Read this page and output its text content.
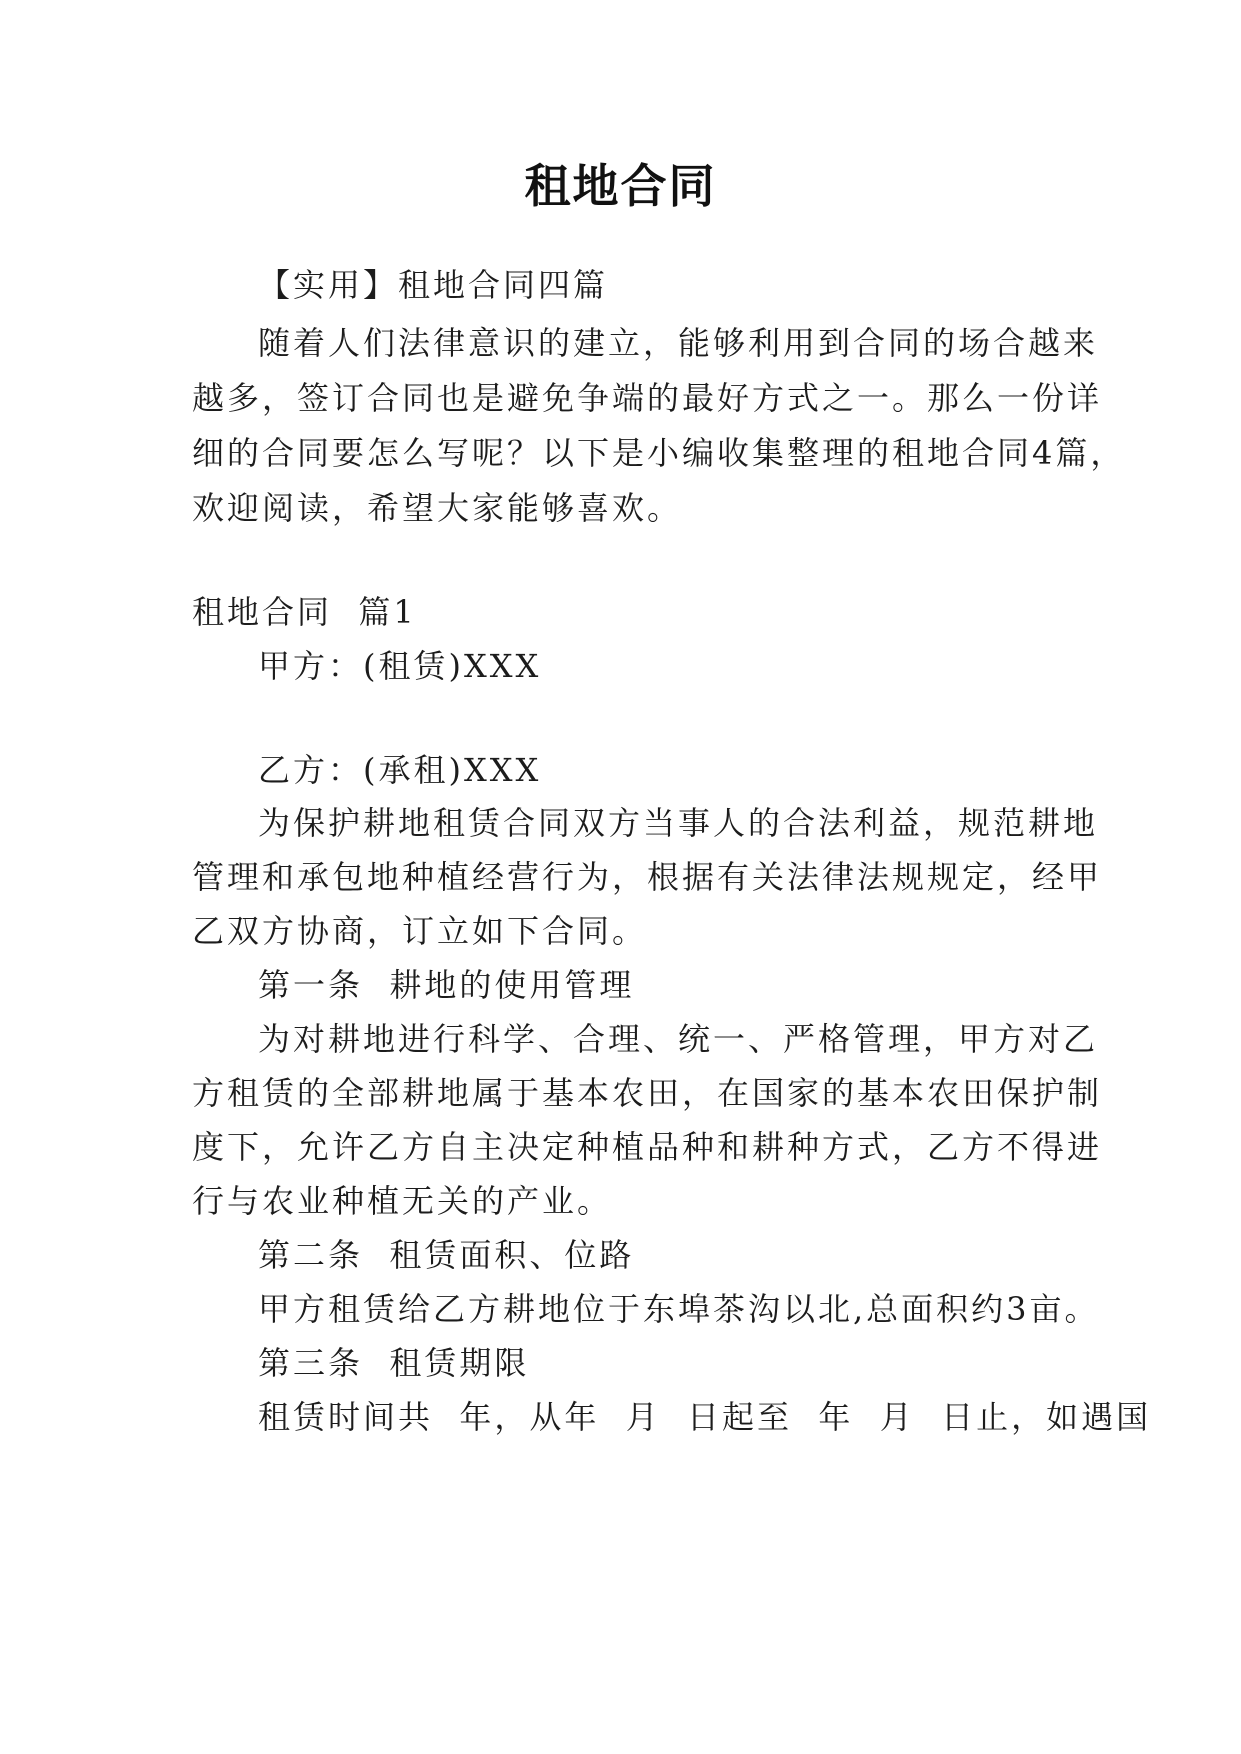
租地合同
【实用】租地合同四篇
随着人们法律意识的建立，能够利用到合同的场合越来
越多，签订合同也是避免争端的最好方式之一。那么一份详
细的合同要怎么写呢？以下是小编收集整理的租地合同4篇，
欢迎阅读，希望大家能够喜欢。
租地合同  篇1
甲方：(租赁)XXX
乙方：(承租)XXX
为保护耕地租赁合同双方当事人的合法利益，规范耕地
管理和承包地种植经营行为，根据有关法律法规规定，经甲
乙双方协商，订立如下合同。
第一条  耕地的使用管理
为对耕地进行科学、合理、统一、严格管理，甲方对乙
方租赁的全部耕地属于基本农田，在国家的基本农田保护制
度下，允许乙方自主决定种植品种和耕种方式，乙方不得进
行与农业种植无关的产业。
第二条  租赁面积、位路
甲方租赁给乙方耕地位于东埠茶沟以北,总面积约3亩。
第三条  租赁期限
租赁时间共  年，从年  月  日起至  年  月  日止，如遇国
